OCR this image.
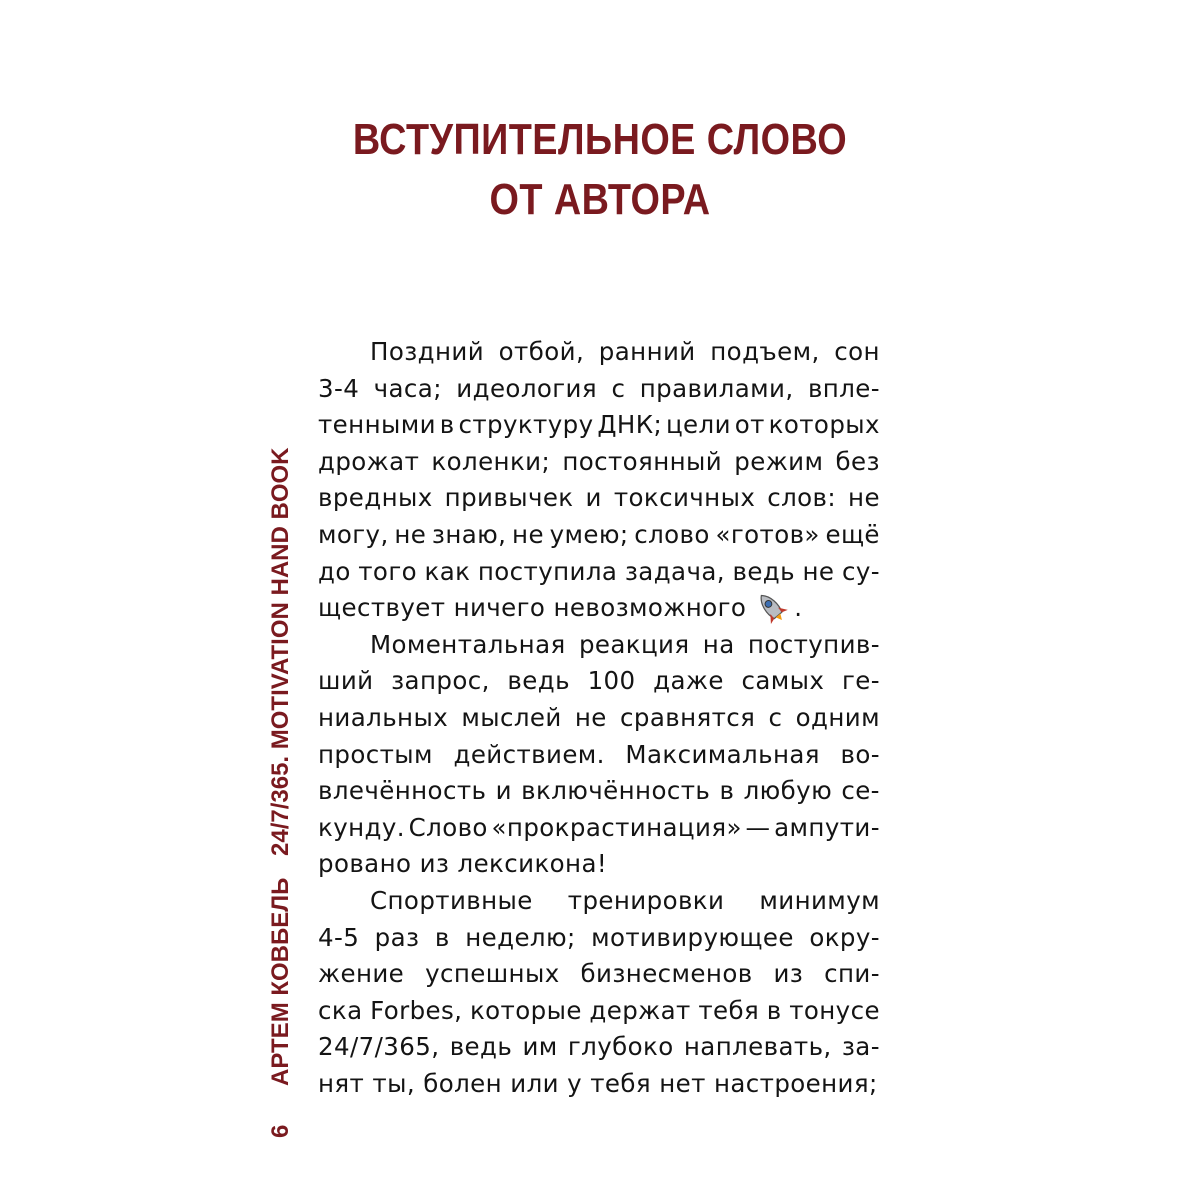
ВСТУПИТЕЛЬНОЕ СЛОВО
ОТ АВТОРА
6
АРТЕМ КОВБЕЛЬ
24/7/365. MOTIVATION HAND BOOK
Поздний отбой, ранний подъем, сон
3-4 часа; идеология с правилами, впле-
тенными в структуру ДНК; цели от которых
дрожат коленки; постоянный режим без
вредных привычек и токсичных слов: не
могу, не знаю, не умею; слово «готов» ещё
до того как поступила задача, ведь не су-
ществует ничего невозможного .
Моментальная реакция на поступив-
ший запрос, ведь 100 даже самых ге-
ниальных мыслей не сравнятся с одним
простым действием. Максимальная во-
влечённость и включённость в любую се-
кунду. Слово «прокрастинация» — ампути-
ровано из лексикона!
Спортивные тренировки минимум
4-5 раз в неделю; мотивирующее окру-
жение успешных бизнесменов из спи-
ска Forbes, которые держат тебя в тонусе
24/7/365, ведь им глубоко наплевать, за-
нят ты, болен или у тебя нет настроения;
